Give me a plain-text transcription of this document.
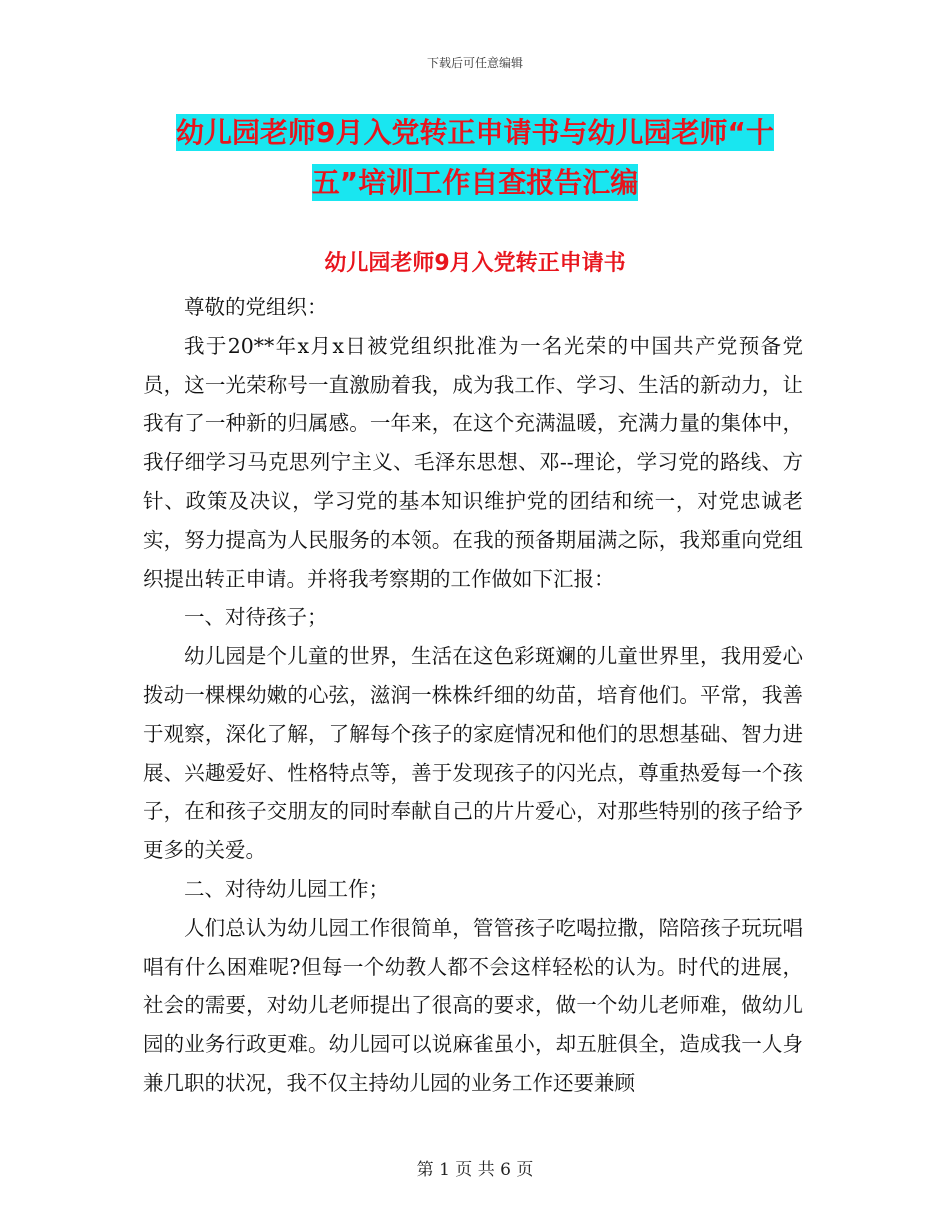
下载后可任意编辑
幼儿园老师9月入党转正申请书与幼儿园老师“十
五”培训工作自查报告汇编
幼儿园老师9月入党转正申请书

尊敬的党组织：

我于20**年x月x日被党组织批准为一名光荣的中国共产党预备党员，这一光荣称号一直激励着我，成为我工作、学习、生活的新动力，让我有了一种新的归属感。一年来，在这个充满温暖，充满力量的集体中，我仔细学习马克思列宁主义、毛泽东思想、邓--理论，学习党的路线、方针、政策及决议，学习党的基本知识维护党的团结和统一，对党忠诚老实，努力提高为人民服务的本领。在我的预备期届满之际，我郑重向党组织提出转正申请。并将我考察期的工作做如下汇报：

一、对待孩子；

幼儿园是个儿童的世界，生活在这色彩斑斓的儿童世界里，我用爱心拨动一棵棵幼嫩的心弦，滋润一株株纤细的幼苗，培育他们。平常，我善于观察，深化了解，了解每个孩子的家庭情况和他们的思想基础、智力进展、兴趣爱好、性格特点等，善于发现孩子的闪光点，尊重热爱每一个孩子，在和孩子交朋友的同时奉献自己的片片爱心，对那些特别的孩子给予更多的关爱。

二、对待幼儿园工作；

人们总认为幼儿园工作很简单，管管孩子吃喝拉撒，陪陪孩子玩玩唱唱有什么困难呢?但每一个幼教人都不会这样轻松的认为。时代的进展，社会的需要，对幼儿老师提出了很高的要求，做一个幼儿老师难，做幼儿园的业务行政更难。幼儿园可以说麻雀虽小，却五脏俱全，造成我一人身兼几职的状况，我不仅主持幼儿园的业务工作还要兼顾

第 1 页 共 6 页
